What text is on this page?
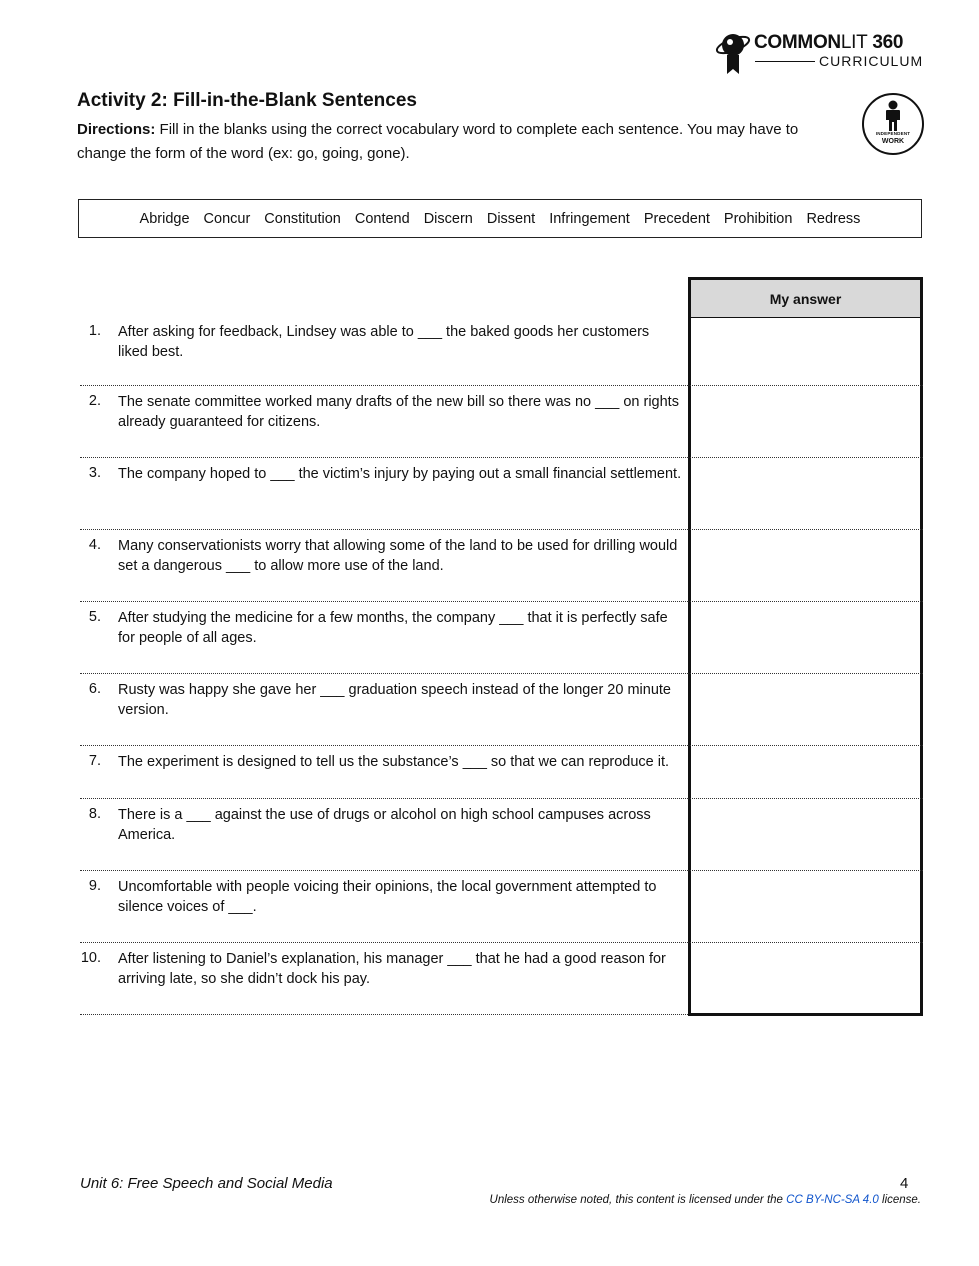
COMMONLIT 360
CURRICULUM
Activity 2: Fill-in-the-Blank Sentences
Directions: Fill in the blanks using the correct vocabulary word to complete each sentence. You may have to change the form of the word (ex: go, going, gone).
INDEPENDENT
WORK
Abridge Concur Constitution Contend Discern Dissent Infringement Precedent Prohibition Redress
My answer
1. After asking for feedback, Lindsey was able to ___ the baked goods her customers liked best.
2. The senate committee worked many drafts of the new bill so there was no ___ on rights already guaranteed for citizens.
3. The company hoped to ___ the victim’s injury by paying out a small financial settlement.
4. Many conservationists worry that allowing some of the land to be used for drilling would set a dangerous ___ to allow more use of the land.
5. After studying the medicine for a few months, the company ___ that it is perfectly safe for people of all ages.
6. Rusty was happy she gave her ___ graduation speech instead of the longer 20 minute version.
7. The experiment is designed to tell us the substance’s ___ so that we can reproduce it.
8. There is a ___ against the use of drugs or alcohol on high school campuses across America.
9. Uncomfortable with people voicing their opinions, the local government attempted to silence voices of ___.
10. After listening to Daniel’s explanation, his manager ___ that he had a good reason for arriving late, so she didn’t dock his pay.
Unit 6: Free Speech and Social Media	4
Unless otherwise noted, this content is licensed under the CC BY-NC-SA 4.0 license.
